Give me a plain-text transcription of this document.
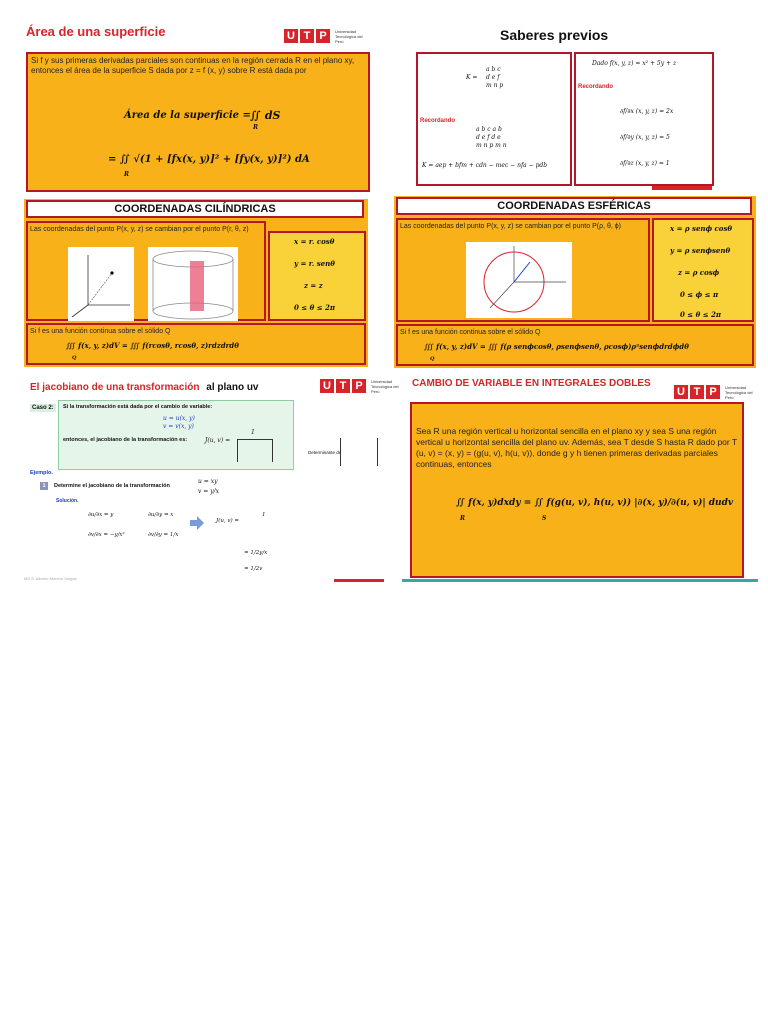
Área de una superficie	U T P	Universidad Tecnológica del Perú
Si f y sus primeras derivadas parciales son continuas en la región cerrada R en el plano xy, entonces el área de la superficie S dada por z = f (x, y) sobre R está dada por
Área de la superficie = ∬ dS
R
= ∬ √(1 + [fx(x, y)]² + [fy(x, y)]²) dA
R
Saberes previos
K =
a b c
d e f
m n p
Recordando
a b c a b
d e f d e
m n p m n
K = aep + bfm + cdn − mec − nfa − pdb
Dado f(x, y, z) = x² + 5y + z
Recordando
∂f/∂x (x, y, z) = 2x
∂f/∂y (x, y, z) = 5
∂f/∂z (x, y, z) = 1
COORDENADAS CILÍNDRICAS
Las coordenadas del punto P(x, y, z) se cambian por el punto P(r, θ, z)
x = r. cosθ
y = r. senθ
z = z
0 ≤ θ ≤ 2π
Si f es una función continua sobre el sólido Q
∭ f(x, y, z)dV = ∭ f(rcosθ, rcosθ, z)rdzdrdθ
Q
COORDENADAS ESFÉRICAS
Las coordenadas del punto P(x, y, z) se cambian por el punto P(ρ, θ, ϕ)	x = ρ senϕ cosθ
y = ρ senϕsenθ
z = ρ cosϕ
0 ≤ ϕ ≤ π
0 ≤ θ ≤ 2π
Si f es una función continua sobre el sólido Q
∭ f(x, y, z)dV = ∭ f(ρ senϕcosθ, ρsenϕsenθ, ρcosϕ)ρ²senϕdrdϕdθ
Q
El jacobiano de una transformación al plano uv	U T P	Universidad Tecnológica del Perú
Caso 2:	Si la transformación está dada por el cambio de variable:
u = u(x, y)
v = v(x, y)
entonces, el jacobiano de la transformación es:	J(u, v) =
1
Determinante de
Ejemplo.
1	Determine el jacobiano de la transformación
u = xy
v = y/x
Solución.
∂u/∂x = y	∂u/∂y = x
∂v/∂x = −y/x²	∂v/∂y = 1/x
J(u, v) =
1
= 1/2y/x
= 1/2v
MS.S. Alberto Moreno Vargas
CAMBIO DE VARIABLE EN INTEGRALES DOBLES
U T P	Universidad Tecnológica del Perú
Sea R una región vertical u horizontal sencilla en el plano xy y sea S una región vertical u horizontal sencilla del plano uv. Además, sea T desde S hasta R dado por T (u, v) = (x, y) = (g(u, v), h(u, v)), donde g y h tienen primeras derivadas parciales continuas, entonces
∬ f(x, y)dxdy = ∬ f(g(u, v), h(u, v)) |∂(x, y)/∂(u, v)| dudv
R	S
